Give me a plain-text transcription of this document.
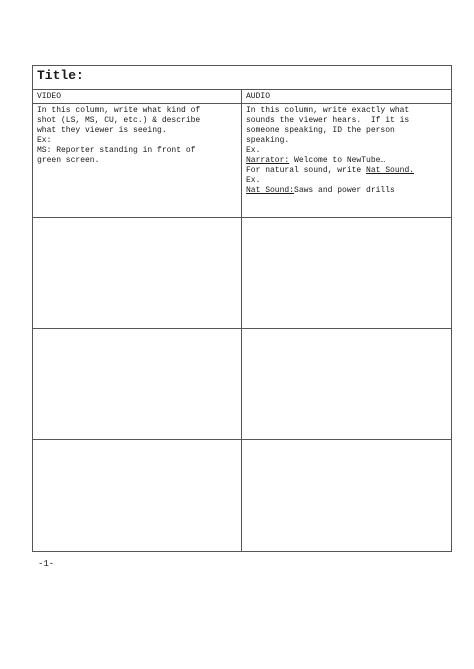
Title:
VIDEO	AUDIO
In this column, write what kind of
shot (LS, MS, CU, etc.) & describe
what they viewer is seeing.
Ex:
MS: Reporter standing in front of
green screen.
In this column, write exactly what
sounds the viewer hears.  If it is
someone speaking, ID the person
speaking.
Ex.
Narrator: Welcome to NewTube…
For natural sound, write Nat Sound.
Ex.
Nat Sound:Saws and power drills
-1-
